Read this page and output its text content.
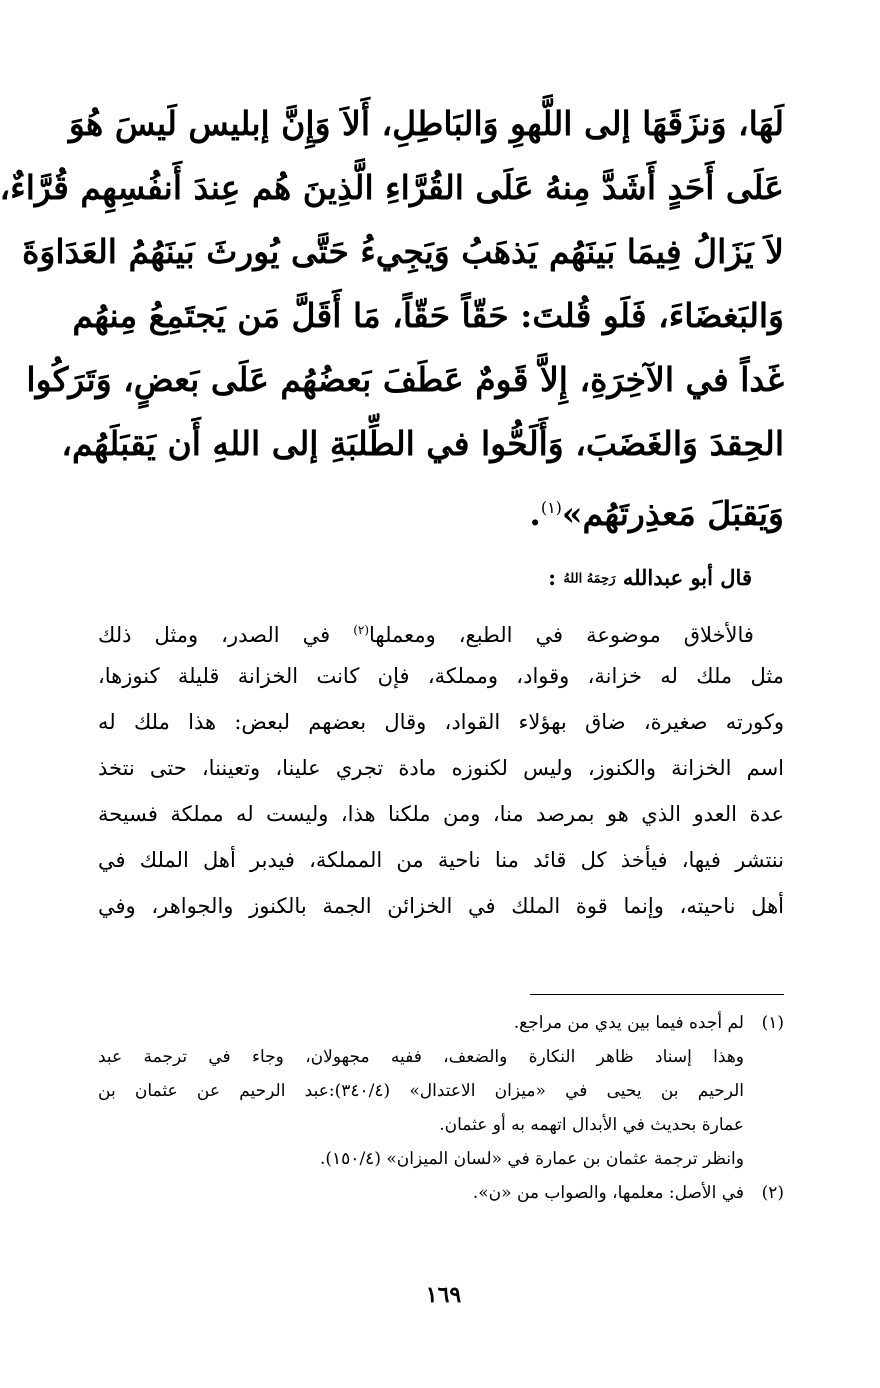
لَهَا، وَنزَقَهَا إلى اللَّهوِ وَالبَاطِلِ، أَلاَ وَإِنَّ إبليس لَيسَ هُوَ
عَلَى أَحَدٍ أَشَدَّ مِنهُ عَلَى القُرَّاءِ الَّذِينَ هُم عِندَ أَنفُسِهِم قُرَّاءٌ،
لاَ يَزَالُ فِيمَا بَينَهُم يَذهَبُ وَيَجِيءُ حَتَّى يُورثَ بَينَهُمُ العَدَاوَةَ
وَالبَغضَاءَ، فَلَو قُلتَ: حَقّاً حَقّاً، مَا أَقَلَّ مَن يَجتَمِعُ مِنهُم
غَداً في الآخِرَةِ، إِلاَّ قَومٌ عَطَفَ بَعضُهُم عَلَى بَعضٍ، وَتَرَكُوا
الحِقدَ وَالغَضَبَ، وَأَلَحُّوا في الطِّلبَةِ إلى اللهِ أَن يَقبَلَهُم،
وَيَقبَلَ مَعذِرتَهُم»$^{(١)}$.
قال أبو عبدالله رَحِمَهُ اللهُ :
فالأخلاق موضوعة في الطبع، ومعملها$^{(٢)}$ في الصدر، ومثل ذلك
مثل ملك له خزانة، وقواد، ومملكة، فإن كانت الخزانة قليلة كنوزها،
وكورته صغيرة، ضاق بهؤلاء القواد، وقال بعضهم لبعض: هذا ملك له
اسم الخزانة والكنوز، وليس لكنوزه مادة تجري علينا، وتعيننا، حتى نتخذ
عدة العدو الذي هو بمرصد منا، ومن ملكنا هذا، وليست له مملكة فسيحة
ننتشر فيها، فيأخذ كل قائد منا ناحية من المملكة، فيدبر أهل الملك في
أهل ناحيته، وإنما قوة الملك في الخزائن الجمة بالكنوز والجواهر، وفي
(١)لم أجده فيما بين يدي من مراجع.
وهذا إسناد ظاهر النكارة والضعف، ففيه مجهولان، وجاء في ترجمة عبد
الرحيم بن يحيى في «ميزان الاعتدال» (٣٤٠/٤):عبد الرحيم عن عثمان بن
عمارة بحديث في الأبدال اتهمه به أو عثمان.
وانظر ترجمة عثمان بن عمارة في «لسان الميزان» (١٥٠/٤).
(٢)في الأصل: معلمها، والصواب من «ن».
١٦٩
